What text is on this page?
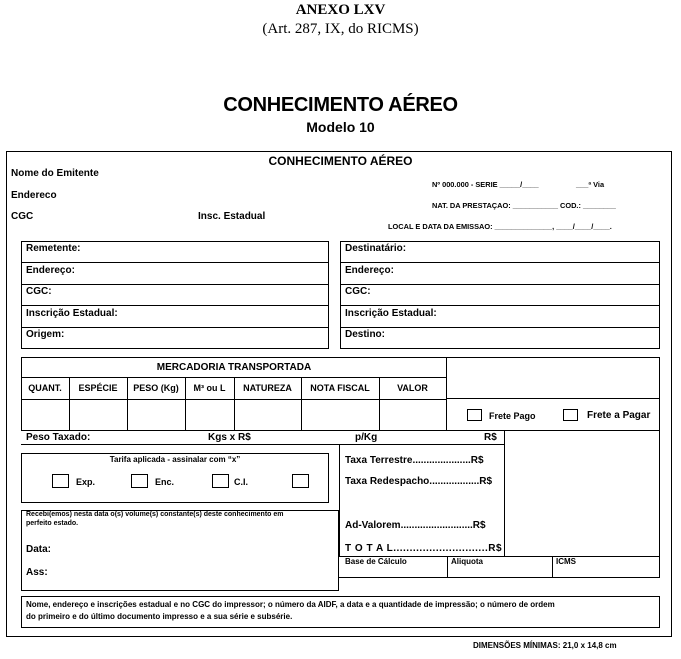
ANEXO LXV
(Art. 287, IX, do RICMS)
CONHECIMENTO AÉREO
Modelo 10
CONHECIMENTO AÉREO
Nome do Emitente
Endereco
CGC	Insc. Estadual
Nº 000.000 - SERIE _____/____	___ª Via
NAT. DA PRESTAÇAO: ___________ COD.: ________
LOCAL E DATA DA EMISSAO: ______________, ____/____/____.
Remetente:
Endereço:
CGC:
Inscrição Estadual:
Origem:
Destinatário:
Endereço:
CGC:
Inscrição Estadual:
Destino:
MERCADORIA TRANSPORTADA
QUANT.	ESPÉCIE	PESO (Kg)	M³ ou L	NATUREZA	NOTA FISCAL	VALOR
Frete Pago	Frete a Pagar
Peso Taxado:	Kgs x R$	p/Kg	R$
Tarifa aplicada - assinalar com “x”
Exp.	Enc.	C.I.
Taxa Terrestre.....................R$
Taxa Redespacho..................R$
Ad-Valorem..........................R$
T O T A L.............................R$
Recebi(emos) nesta data o(s) volume(s) constante(s) deste conhecimento em
perfeito estado.
Data:
Ass:
Base de Cálculo	Aliquota	ICMS
Nome, endereço e inscrições estadual e no CGC do impressor; o número da AIDF, a data e a quantidade de impressão; o número de ordem
do primeiro e do último documento impresso e a sua série e subsérie.
DIMENSÕES MÍNIMAS: 21,0 x 14,8 cm
